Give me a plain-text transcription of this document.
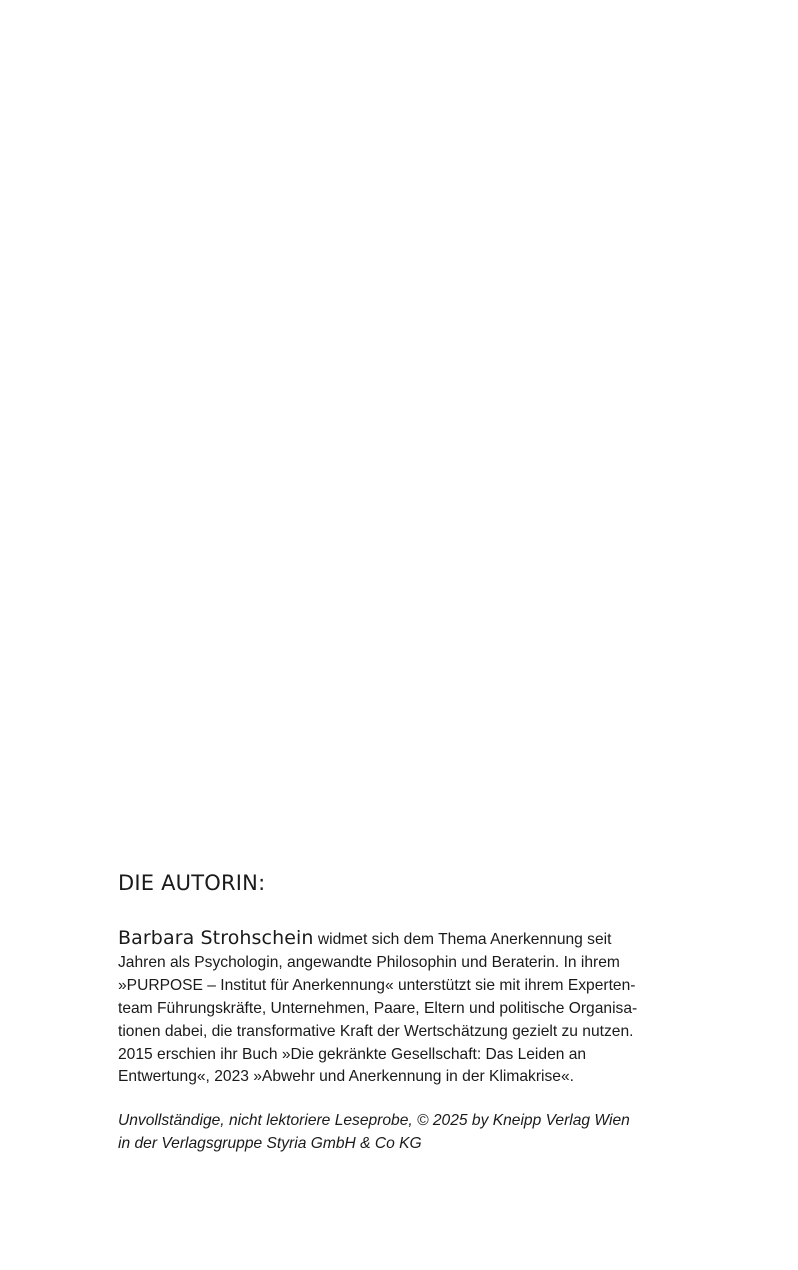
DIE AUTORIN:

Barbara Strohschein widmet sich dem Thema Anerkennung seit
Jahren als Psychologin, angewandte Philosophin und Beraterin. In ihrem
»PURPOSE – Institut für Anerkennung« unterstützt sie mit ihrem Experten-
team Führungskräfte, Unternehmen, Paare, Eltern und politische Organisa-
tionen dabei, die transformative Kraft der Wertschätzung gezielt zu nutzen.
2015 erschien ihr Buch »Die gekränkte Gesellschaft: Das Leiden an
Entwertung«, 2023 »Abwehr und Anerkennung in der Klimakrise«.

Unvollständige, nicht lektoriere Leseprobe, © 2025 by Kneipp Verlag Wien
in der Verlagsgruppe Styria GmbH & Co KG
